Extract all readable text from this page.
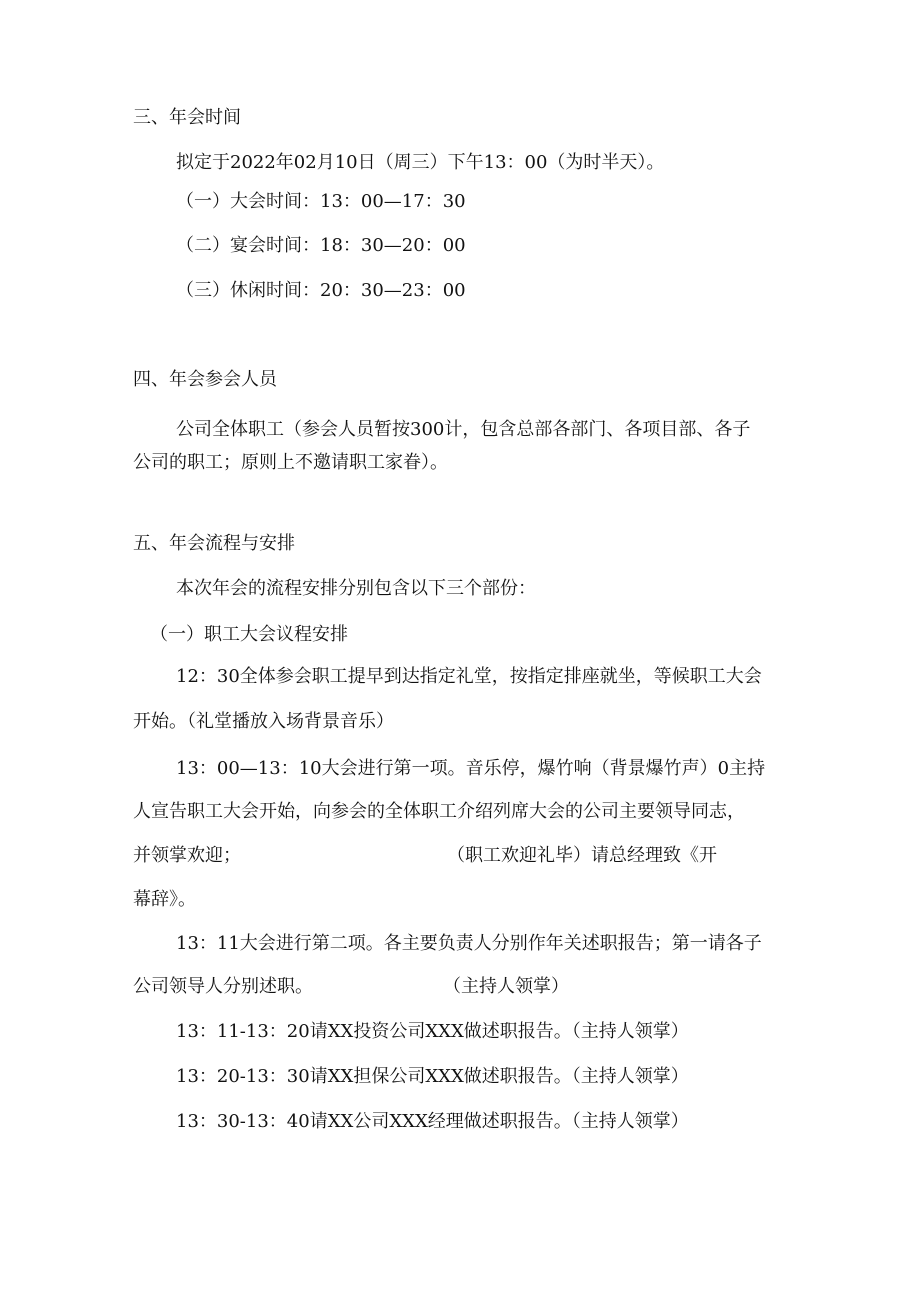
三、年会时间
拟定于2022年02月10日（周三）下午13：00（为时半天）。
（一）大会时间：13：00—17：30
（二）宴会时间：18：30—20：00
（三）休闲时间：20：30—23：00
四、年会参会人员
公司全体职工（参会人员暂按300计，包含总部各部门、各项目部、各子
公司的职工；原则上不邀请职工家眷）。
五、年会流程与安排
本次年会的流程安排分别包含以下三个部份：
（一）职工大会议程安排
12：30全体参会职工提早到达指定礼堂，按指定排座就坐，等候职工大会
开始。（礼堂播放入场背景音乐）
13：00—13：10大会进行第一项。音乐停，爆竹响（背景爆竹声）0主持
人宣告职工大会开始，向参会的全体职工介绍列席大会的公司主要领导同志，
并领掌欢迎；	（职工欢迎礼毕）请总经理致《开
幕辞》。
13：11大会进行第二项。各主要负责人分别作年关述职报告；第一请各子
公司领导人分别述职。	（主持人领掌）
13：11-13：20请XX投资公司XXX做述职报告。（主持人领掌）
13：20-13：30请XX担保公司XXX做述职报告。（主持人领掌）
13：30-13：40请XX公司XXX经理做述职报告。（主持人领掌）
